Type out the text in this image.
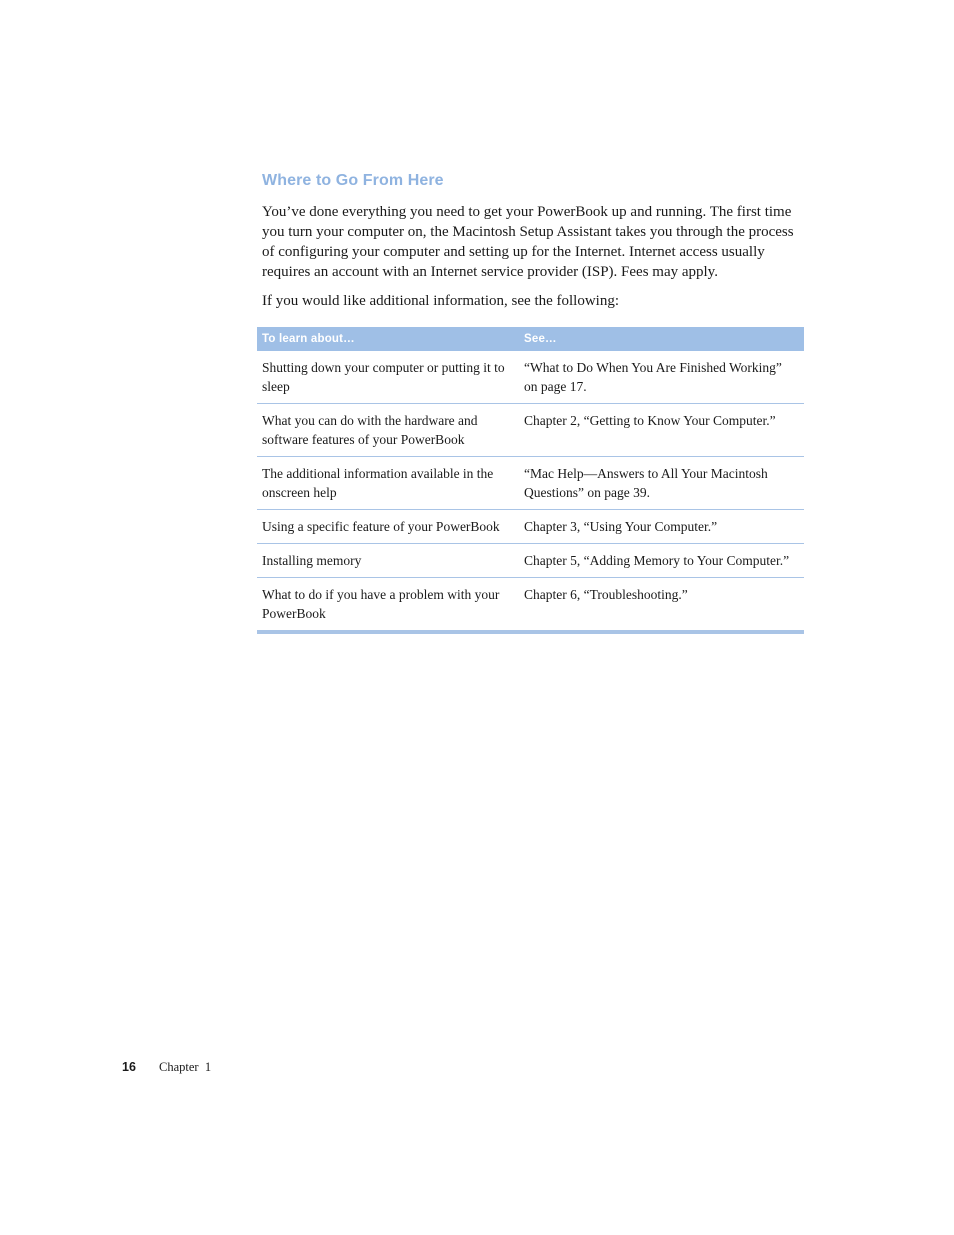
Where to Go From Here

You’ve done everything you need to get your PowerBook up and running. The first time you turn your computer on, the Macintosh Setup Assistant takes you through the process of configuring your computer and setting up for the Internet. Internet access usually requires an account with an Internet service provider (ISP). Fees may apply.

If you would like additional information, see the following:

To learn about…	See…
Shutting down your computer or putting it to sleep	“What to Do When You Are Finished Working” on page 17.
What you can do with the hardware and software features of your PowerBook	Chapter 2, “Getting to Know Your Computer.”
The additional information available in the onscreen help	“Mac Help—Answers to All Your Macintosh Questions” on page 39.
Using a specific feature of your PowerBook	Chapter 3, “Using Your Computer.”
Installing memory	Chapter 5, “Adding Memory to Your Computer.”
What to do if you have a problem with your PowerBook	Chapter 6, “Troubleshooting.”
16 Chapter  1
